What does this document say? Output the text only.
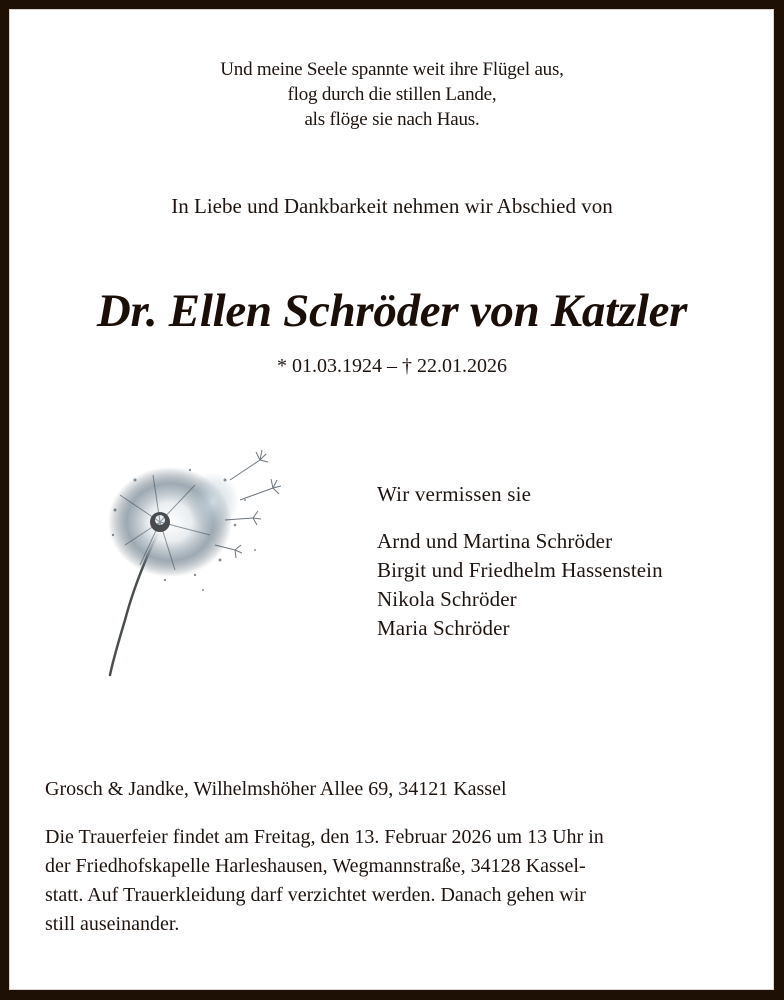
Und meine Seele spannte weit ihre Flügel aus,
flog durch die stillen Lande,
als flöge sie nach Haus.
In Liebe und Dankbarkeit nehmen wir Abschied von
Dr. Ellen Schröder von Katzler
* 01.03.1924 – † 22.01.2026
Wir vermissen sie
Arnd und Martina Schröder
Birgit und Friedhelm Hassenstein
Nikola Schröder
Maria Schröder
Grosch & Jandke, Wilhelmshöher Allee 69, 34121 Kassel
Die Trauerfeier findet am Freitag, den 13. Februar 2026 um 13 Uhr in
der Friedhofskapelle Harleshausen, Wegmannstraße, 34128 Kassel-
statt. Auf Trauerkleidung darf verzichtet werden. Danach gehen wir
still auseinander.
